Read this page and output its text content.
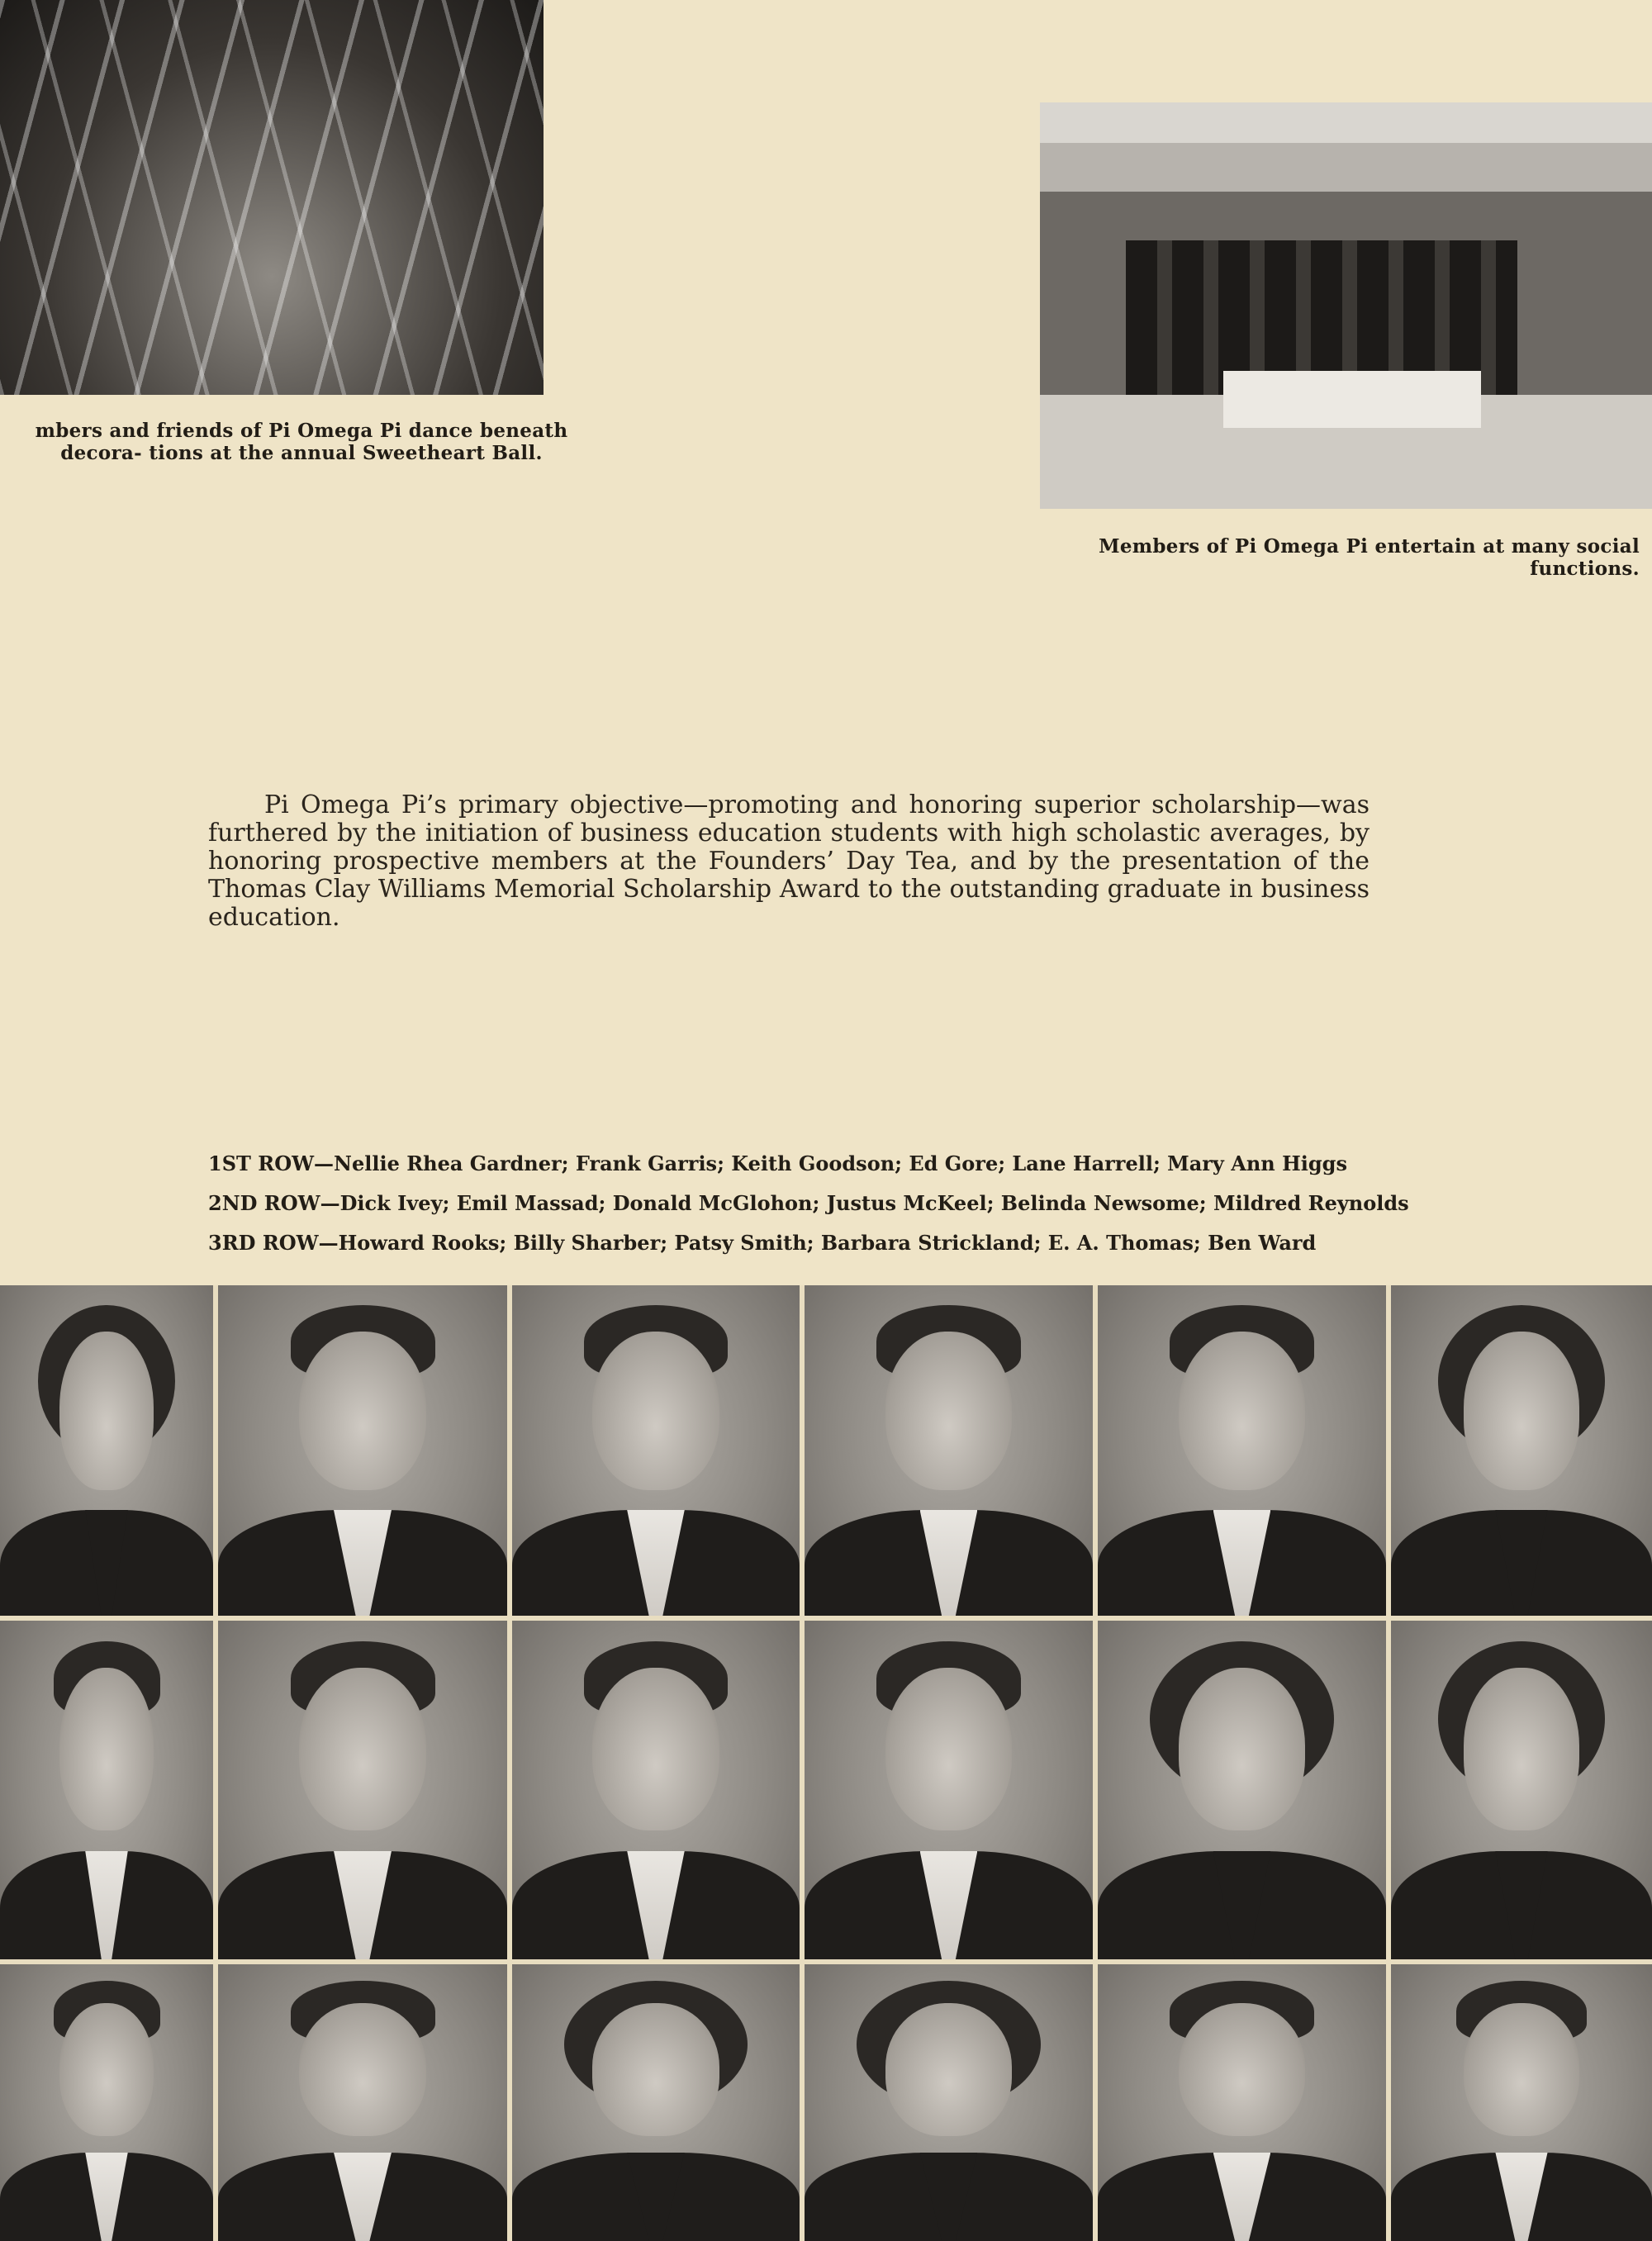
mbers and friends of Pi Omega Pi dance beneath decora- tions at the annual Sweetheart Ball.
Members of Pi Omega Pi entertain at many social functions.
Pi Omega Pi’s primary objective—promoting and honoring superior scholarship—was furthered by the initiation of business education students with high scholastic averages, by honoring prospective members at the Founders’ Day Tea, and by the presentation of the Thomas Clay Williams Memorial Scholarship Award to the outstanding graduate in business education.
1ST ROW—Nellie Rhea Gardner; Frank Garris; Keith Goodson; Ed Gore; Lane Harrell; Mary Ann Higgs
2ND ROW—Dick Ivey; Emil Massad; Donald McGlohon; Justus McKeel; Belinda Newsome; Mildred Reynolds
3RD ROW—Howard Rooks; Billy Sharber; Patsy Smith; Barbara Strickland; E. A. Thomas; Ben Ward
